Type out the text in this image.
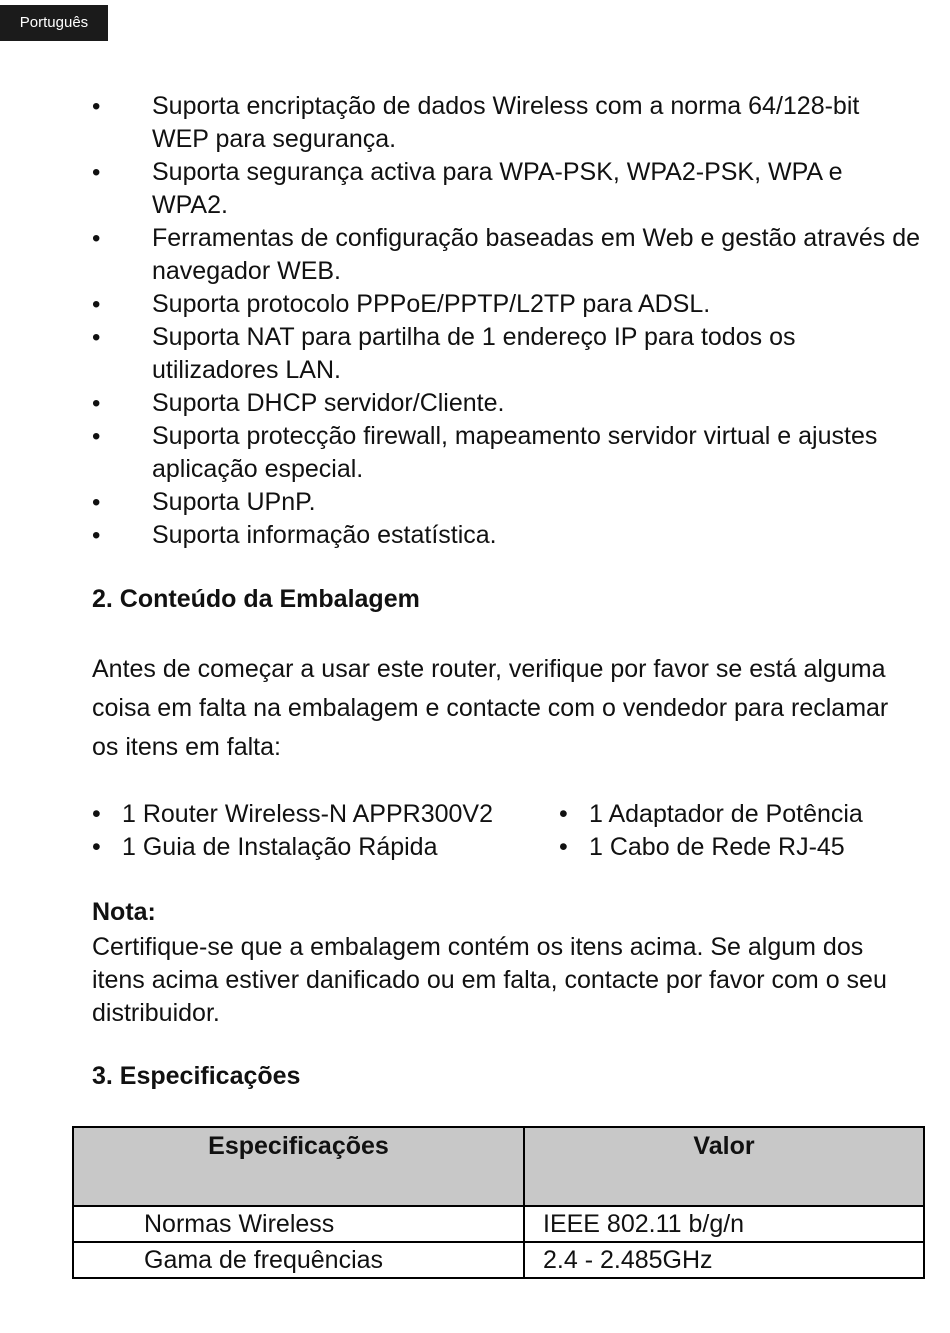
Português
• Suporta encriptação de dados Wireless com a norma 64/128-bit WEP para segurança.
• Suporta segurança activa para WPA-PSK, WPA2-PSK, WPA e WPA2.
• Ferramentas de configuração baseadas em Web e gestão através de navegador WEB.
• Suporta protocolo PPPoE/PPTP/L2TP para ADSL.
• Suporta NAT para partilha de 1 endereço IP para todos os utilizadores LAN.
• Suporta DHCP servidor/Cliente.
• Suporta protecção firewall, mapeamento servidor virtual e ajustes aplicação especial.
• Suporta UPnP.
• Suporta informação estatística.
2. Conteúdo da Embalagem
Antes de começar a usar este router, verifique por favor se está alguma coisa em falta na embalagem e contacte com o vendedor para reclamar os itens em falta:
• 1 Router Wireless-N APPR300V2
• 1 Guia de Instalação Rápida
• 1 Adaptador de Potência
• 1 Cabo de Rede RJ-45
Nota:
Certifique-se que a embalagem contém os itens acima. Se algum dos itens acima estiver danificado ou em falta, contacte por favor com o seu distribuidor.
3. Especificações
Especificações	Valor
Normas Wireless	IEEE 802.11 b/g/n
Gama de frequências	2.4 - 2.485GHz
